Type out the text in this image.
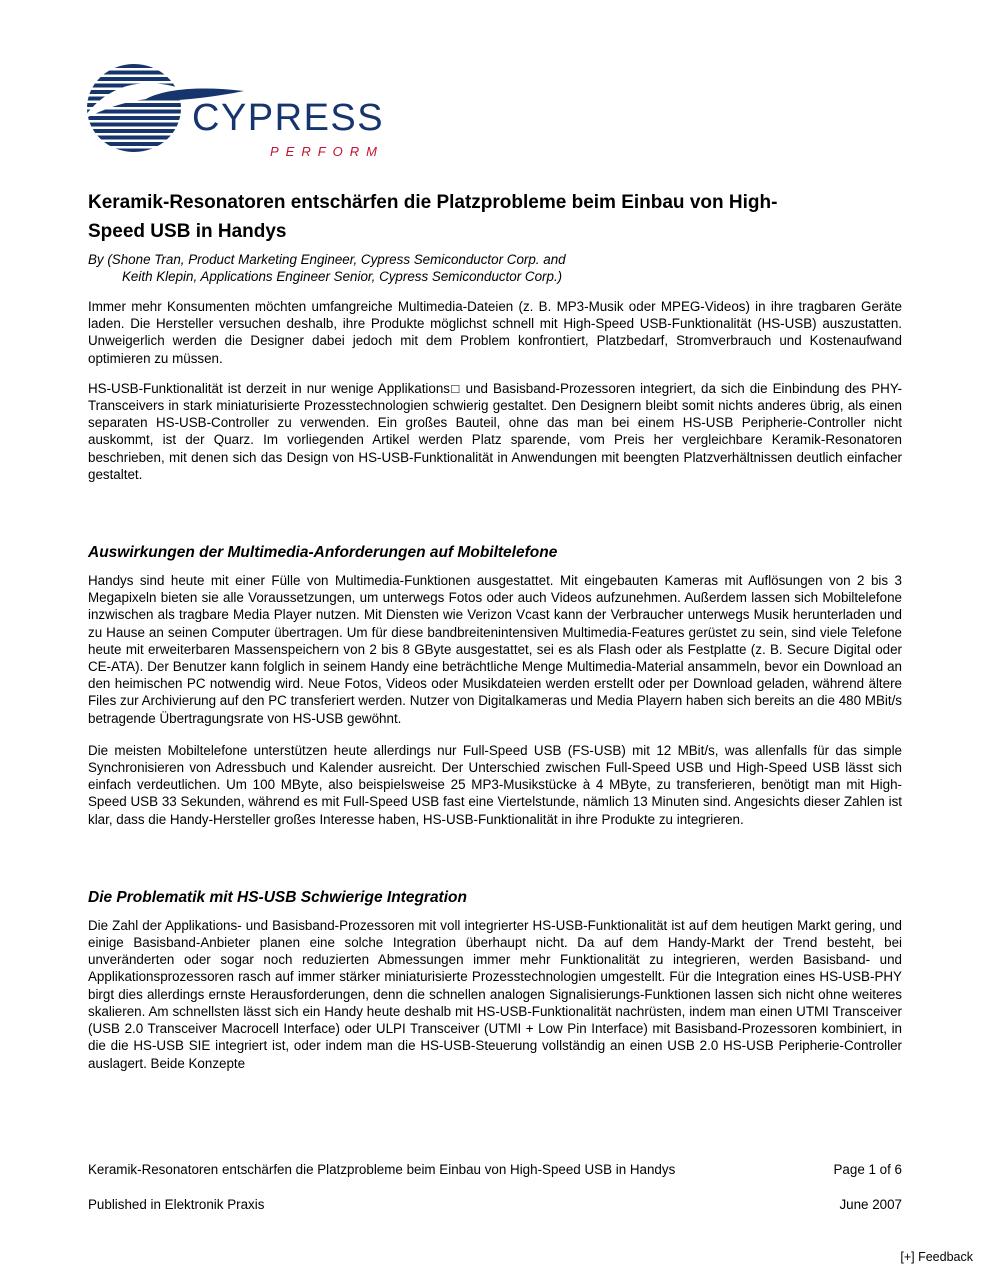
CYPRESS
PERFORM
Keramik-Resonatoren entschärfen die Platzprobleme beim Einbau von High-
Speed USB in Handys
By (Shone Tran, Product Marketing Engineer, Cypress Semiconductor Corp. and
Keith Klepin, Applications Engineer Senior, Cypress Semiconductor Corp.)

Immer mehr Konsumenten möchten umfangreiche Multimedia-Dateien (z. B. MP3-Musik oder MPEG-Videos) in ihre tragbaren Geräte laden. Die Hersteller versuchen deshalb, ihre Produkte möglichst schnell mit High-Speed USB-Funktionalität (HS-USB) auszustatten. Unweigerlich werden die Designer dabei jedoch mit dem Problem konfrontiert, Platzbedarf, Stromverbrauch und Kostenaufwand optimieren zu müssen.

HS-USB-Funktionalität ist derzeit in nur wenige Applikations□ und Basisband-Prozessoren integriert, da sich die Einbindung des PHY-Transceivers in stark miniaturisierte Prozesstechnologien schwierig gestaltet. Den Designern bleibt somit nichts anderes übrig, als einen separaten HS-USB-Controller zu verwenden. Ein großes Bauteil, ohne das man bei einem HS-USB Peripherie-Controller nicht auskommt, ist der Quarz. Im vorliegenden Artikel werden Platz sparende, vom Preis her vergleichbare Keramik-Resonatoren beschrieben, mit denen sich das Design von HS-USB-Funktionalität in Anwendungen mit beengten Platzverhältnissen deutlich einfacher gestaltet.

Auswirkungen der Multimedia-Anforderungen auf Mobiltelefone

Handys sind heute mit einer Fülle von Multimedia-Funktionen ausgestattet. Mit eingebauten Kameras mit Auflösungen von 2 bis 3 Megapixeln bieten sie alle Voraussetzungen, um unterwegs Fotos oder auch Videos aufzunehmen. Außerdem lassen sich Mobiltelefone inzwischen als tragbare Media Player nutzen. Mit Diensten wie Verizon Vcast kann der Verbraucher unterwegs Musik herunterladen und zu Hause an seinen Computer übertragen. Um für diese bandbreitenintensiven Multimedia-Features gerüstet zu sein, sind viele Telefone heute mit erweiterbaren Massenspeichern von 2 bis 8 GByte ausgestattet, sei es als Flash oder als Festplatte (z. B. Secure Digital oder CE-ATA). Der Benutzer kann folglich in seinem Handy eine beträchtliche Menge Multimedia-Material ansammeln, bevor ein Download an den heimischen PC notwendig wird. Neue Fotos, Videos oder Musikdateien werden erstellt oder per Download geladen, während ältere Files zur Archivierung auf den PC transferiert werden. Nutzer von Digitalkameras und Media Playern haben sich bereits an die 480 MBit/s betragende Übertragungsrate von HS-USB gewöhnt.

Die meisten Mobiltelefone unterstützen heute allerdings nur Full-Speed USB (FS-USB) mit 12 MBit/s, was allenfalls für das simple Synchronisieren von Adressbuch und Kalender ausreicht. Der Unterschied zwischen Full-Speed USB und High-Speed USB lässt sich einfach verdeutlichen. Um 100 MByte, also beispielsweise 25 MP3-Musikstücke à 4 MByte, zu transferieren, benötigt man mit High-Speed USB 33 Sekunden, während es mit Full-Speed USB fast eine Viertelstunde, nämlich 13 Minuten sind. Angesichts dieser Zahlen ist klar, dass die Handy-Hersteller großes Interesse haben, HS-USB-Funktionalität in ihre Produkte zu integrieren.

Die Problematik mit HS-USB Schwierige Integration

Die Zahl der Applikations- und Basisband-Prozessoren mit voll integrierter HS-USB-Funktionalität ist auf dem heutigen Markt gering, und einige Basisband-Anbieter planen eine solche Integration überhaupt nicht. Da auf dem Handy-Markt der Trend besteht, bei unveränderten oder sogar noch reduzierten Abmessungen immer mehr Funktionalität zu integrieren, werden Basisband- und Applikationsprozessoren rasch auf immer stärker miniaturisierte Prozesstechnologien umgestellt. Für die Integration eines HS-USB-PHY birgt dies allerdings ernste Herausforderungen, denn die schnellen analogen Signalisierungs-Funktionen lassen sich nicht ohne weiteres skalieren. Am schnellsten lässt sich ein Handy heute deshalb mit HS-USB-Funktionalität nachrüsten, indem man einen UTMI Transceiver (USB 2.0 Transceiver Macrocell Interface) oder ULPI Transceiver (UTMI + Low Pin Interface) mit Basisband-Prozessoren kombiniert, in die die HS-USB SIE integriert ist, oder indem man die HS-USB-Steuerung vollständig an einen USB 2.0 HS-USB Peripherie-Controller auslagert. Beide Konzepte

Keramik-Resonatoren entschärfen die Platzprobleme beim Einbau von High-Speed USB in Handys	Page 1 of 6
Published in Elektronik Praxis	June 2007
[+] Feedback
